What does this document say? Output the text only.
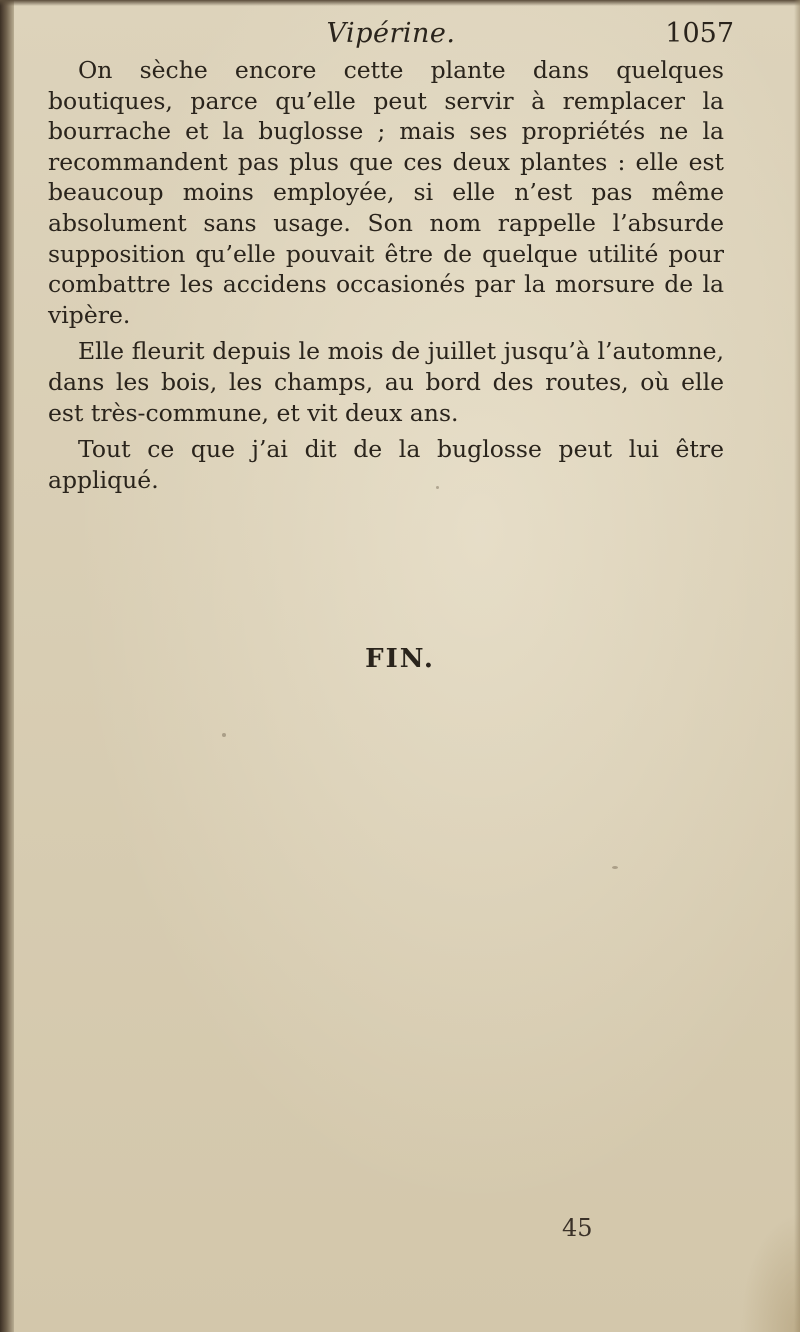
Vipérine.	1057

On sèche encore cette plante dans quelques boutiques, parce qu’elle peut servir à remplacer la bourrache et la buglosse ; mais ses propriétés ne la recommandent pas plus que ces deux plantes : elle est beaucoup moins employée, si elle n’est pas même absolument sans usage. Son nom rappelle l’absurde supposition qu’elle pouvait être de quelque utilité pour combattre les accidens occasionés par la morsure de la vipère.

Elle fleurit depuis le mois de juillet jusqu’à l’automne, dans les bois, les champs, au bord des routes, où elle est très-commune, et vit deux ans.

Tout ce que j’ai dit de la buglosse peut lui être appliqué.

FIN.
45
